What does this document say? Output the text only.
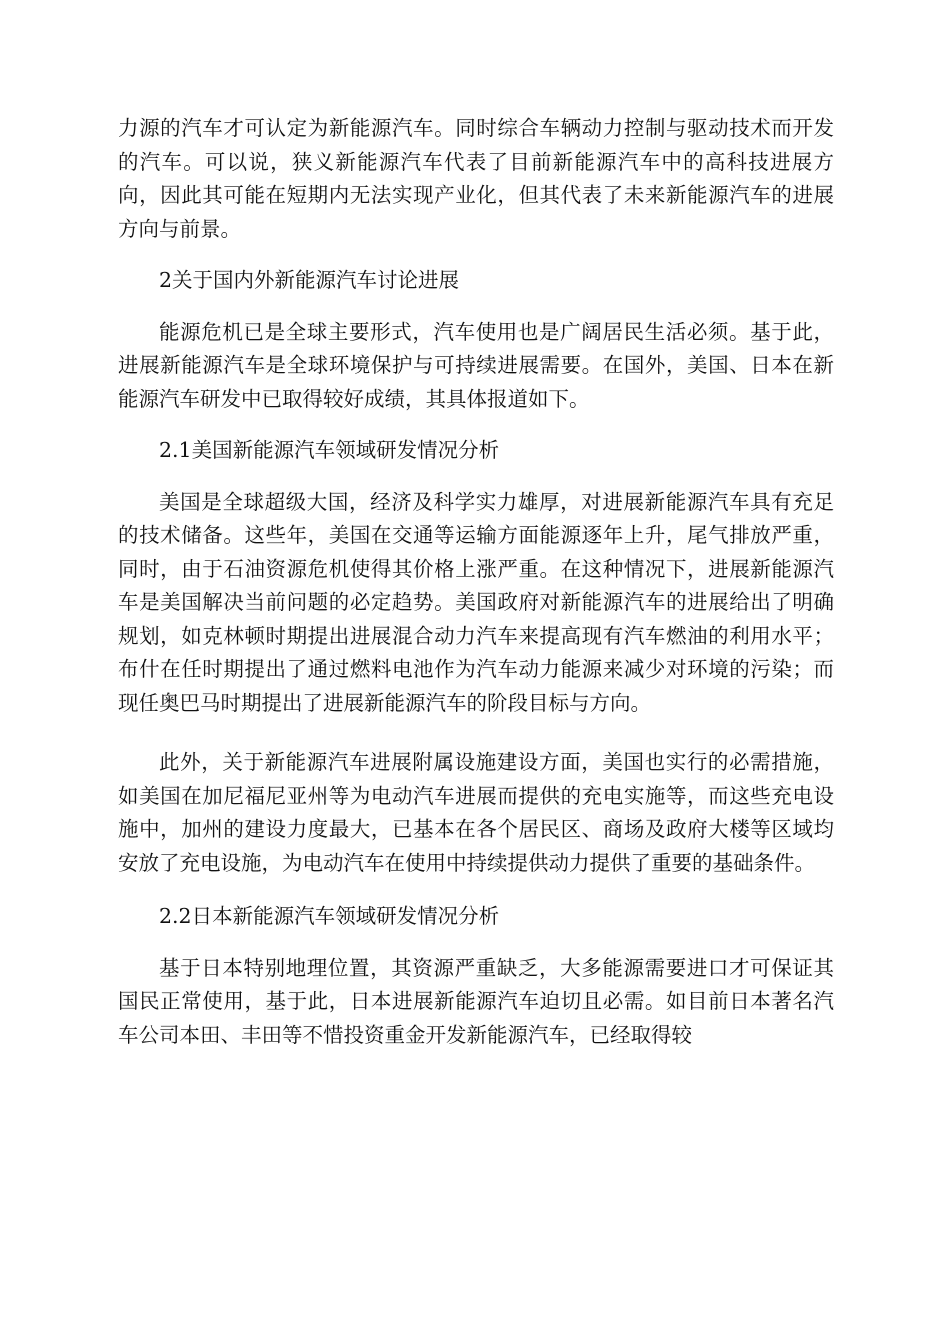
力源的汽车才可认定为新能源汽车。同时综合车辆动力控制与驱动技术而开发的汽车。可以说，狭义新能源汽车代表了目前新能源汽车中的高科技进展方向，因此其可能在短期内无法实现产业化，但其代表了未来新能源汽车的进展方向与前景。

2关于国内外新能源汽车讨论进展

能源危机已是全球主要形式，汽车使用也是广阔居民生活必须。基于此，进展新能源汽车是全球环境保护与可持续进展需要。在国外，美国、日本在新能源汽车研发中已取得较好成绩，其具体报道如下。

2.1美国新能源汽车领域研发情况分析

美国是全球超级大国，经济及科学实力雄厚，对进展新能源汽车具有充足的技术储备。这些年，美国在交通等运输方面能源逐年上升，尾气排放严重，同时，由于石油资源危机使得其价格上涨严重。在这种情况下，进展新能源汽车是美国解决当前问题的必定趋势。美国政府对新能源汽车的进展给出了明确规划，如克林顿时期提出进展混合动力汽车来提高现有汽车燃油的利用水平；布什在任时期提出了通过燃料电池作为汽车动力能源来减少对环境的污染；而现任奥巴马时期提出了进展新能源汽车的阶段目标与方向。

此外，关于新能源汽车进展附属设施建设方面，美国也实行的必需措施，如美国在加尼福尼亚州等为电动汽车进展而提供的充电实施等，而这些充电设施中，加州的建设力度最大，已基本在各个居民区、商场及政府大楼等区域均安放了充电设施，为电动汽车在使用中持续提供动力提供了重要的基础条件。

2.2日本新能源汽车领域研发情况分析

基于日本特别地理位置，其资源严重缺乏，大多能源需要进口才可保证其国民正常使用，基于此，日本进展新能源汽车迫切且必需。如目前日本著名汽车公司本田、丰田等不惜投资重金开发新能源汽车，已经取得较
